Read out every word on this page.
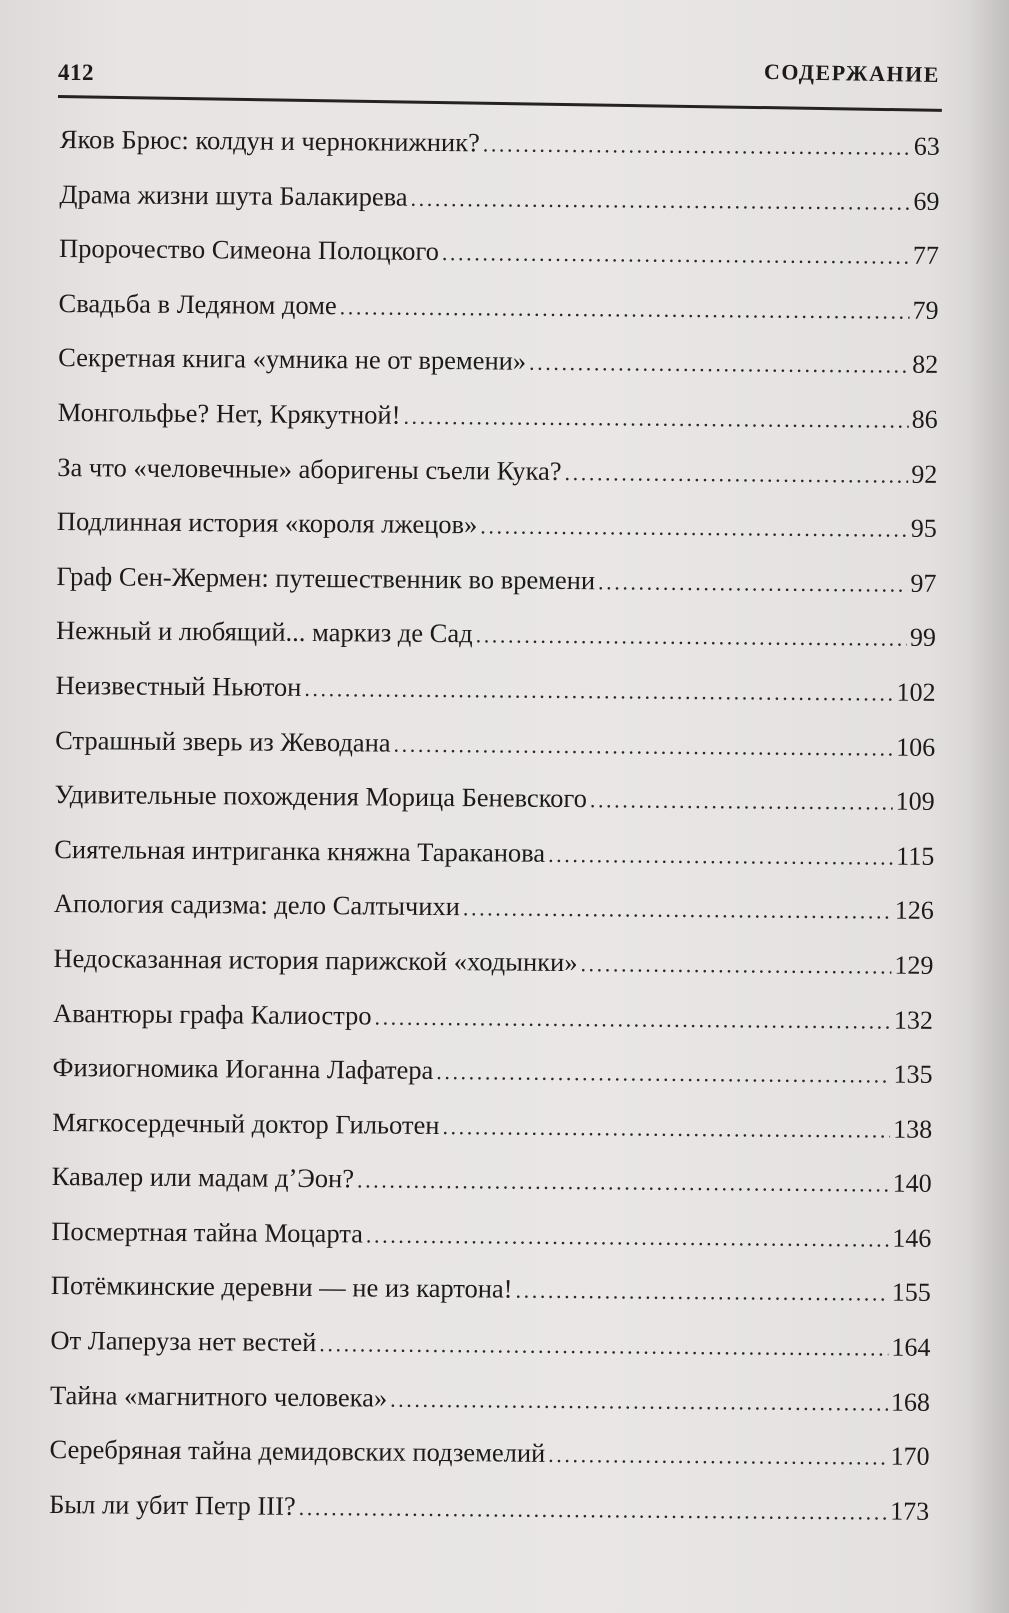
412	СОДЕРЖАНИЕ
Яков Брюс: колдун и чернокнижник? .....	63
Драма жизни шута Балакирева .....	69
Пророчество Симеона Полоцкого .....	77
Свадьба в Ледяном доме .....	79
Секретная книга «умника не от времени» .....	82
Монгольфье? Нет, Крякутной! .....	86
За что «человечные» аборигены съели Кука? .....	92
Подлинная история «короля лжецов» .....	95
Граф Сен-Жермен: путешественник во времени .....	97
Нежный и любящий... маркиз де Сад .....	99
Неизвестный Ньютон .....	102
Страшный зверь из Жеводана .....	106
Удивительные похождения Морица Беневского .....	109
Сиятельная интриганка княжна Тараканова .....	115
Апология садизма: дело Салтычихи .....	126
Недосказанная история парижской «ходынки» .....	129
Авантюры графа Калиостро .....	132
Физиогномика Иоганна Лафатера .....	135
Мягкосердечный доктор Гильотен .....	138
Кавалер или мадам д’Эон? .....	140
Посмертная тайна Моцарта .....	146
Потёмкинские деревни — не из картона! .....	155
От Лаперуза нет вестей .....	164
Тайна «магнитного человека» .....	168
Серебряная тайна демидовских подземелий .....	170
Был ли убит Петр III? .....	173
